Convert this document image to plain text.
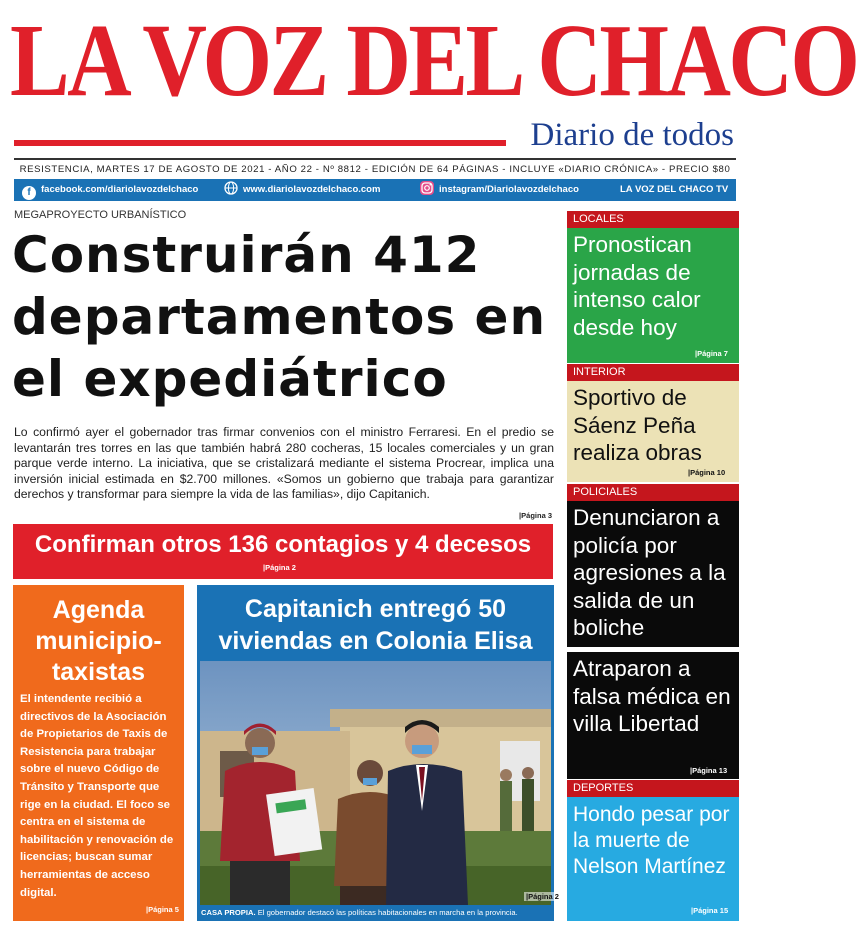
LA VOZ DEL CHACO
Diario de todos
RESISTENCIA, MARTES 17 DE AGOSTO DE 2021 - AÑO 22 - Nº 8812 - EDICIÓN DE 64 PÁGINAS - INCLUYE «DIARIO CRÓNICA» - PRECIO $80
f facebook.com/diariolavozdelchaco	www.diariolavozdelchaco.com	instagram/Diariolavozdelchaco	LA VOZ DEL CHACO TV
MEGAPROYECTO URBANÍSTICO
Construirán 412 departamentos en el expediátrico
Lo confirmó ayer el gobernador tras firmar convenios con el ministro Ferraresi. En el predio se levantarán tres torres en las que también habrá 280 cocheras, 15 locales comerciales y un gran parque verde interno. La iniciativa, que se cristalizará mediante el sistema Procrear, implica una inversión inicial estimada en $2.700 millones. «Somos un gobierno que trabaja para garantizar derechos y transformar para siempre la vida de las familias», dijo Capitanich.
|Página 3
Confirman otros 136 contagios y 4 decesos
|Página 2
Agenda municipio-taxistas
El intendente recibió a directivos de la Asociación de Propietarios de Taxis de Resistencia para trabajar sobre el nuevo Código de Tránsito y Transporte que rige en la ciudad. El foco se centra en el sistema de habilitación y renovación de licencias; buscan sumar herramientas de acceso digital.
|Página 5
Capitanich entregó 50 viviendas en Colonia Elisa
|Página 2
CASA PROPIA. El gobernador destacó las políticas habitacionales en marcha en la provincia.
LOCALES
Pronostican jornadas de intenso calor desde hoy
|Página 7
INTERIOR
Sportivo de Sáenz Peña realiza obras
|Página 10
POLICIALES
Denunciaron a policía por agresiones a la salida de un boliche
Atraparon a falsa médica en villa Libertad
|Página 13
DEPORTES
Hondo pesar por la muerte de Nelson Martínez
|Página 15
